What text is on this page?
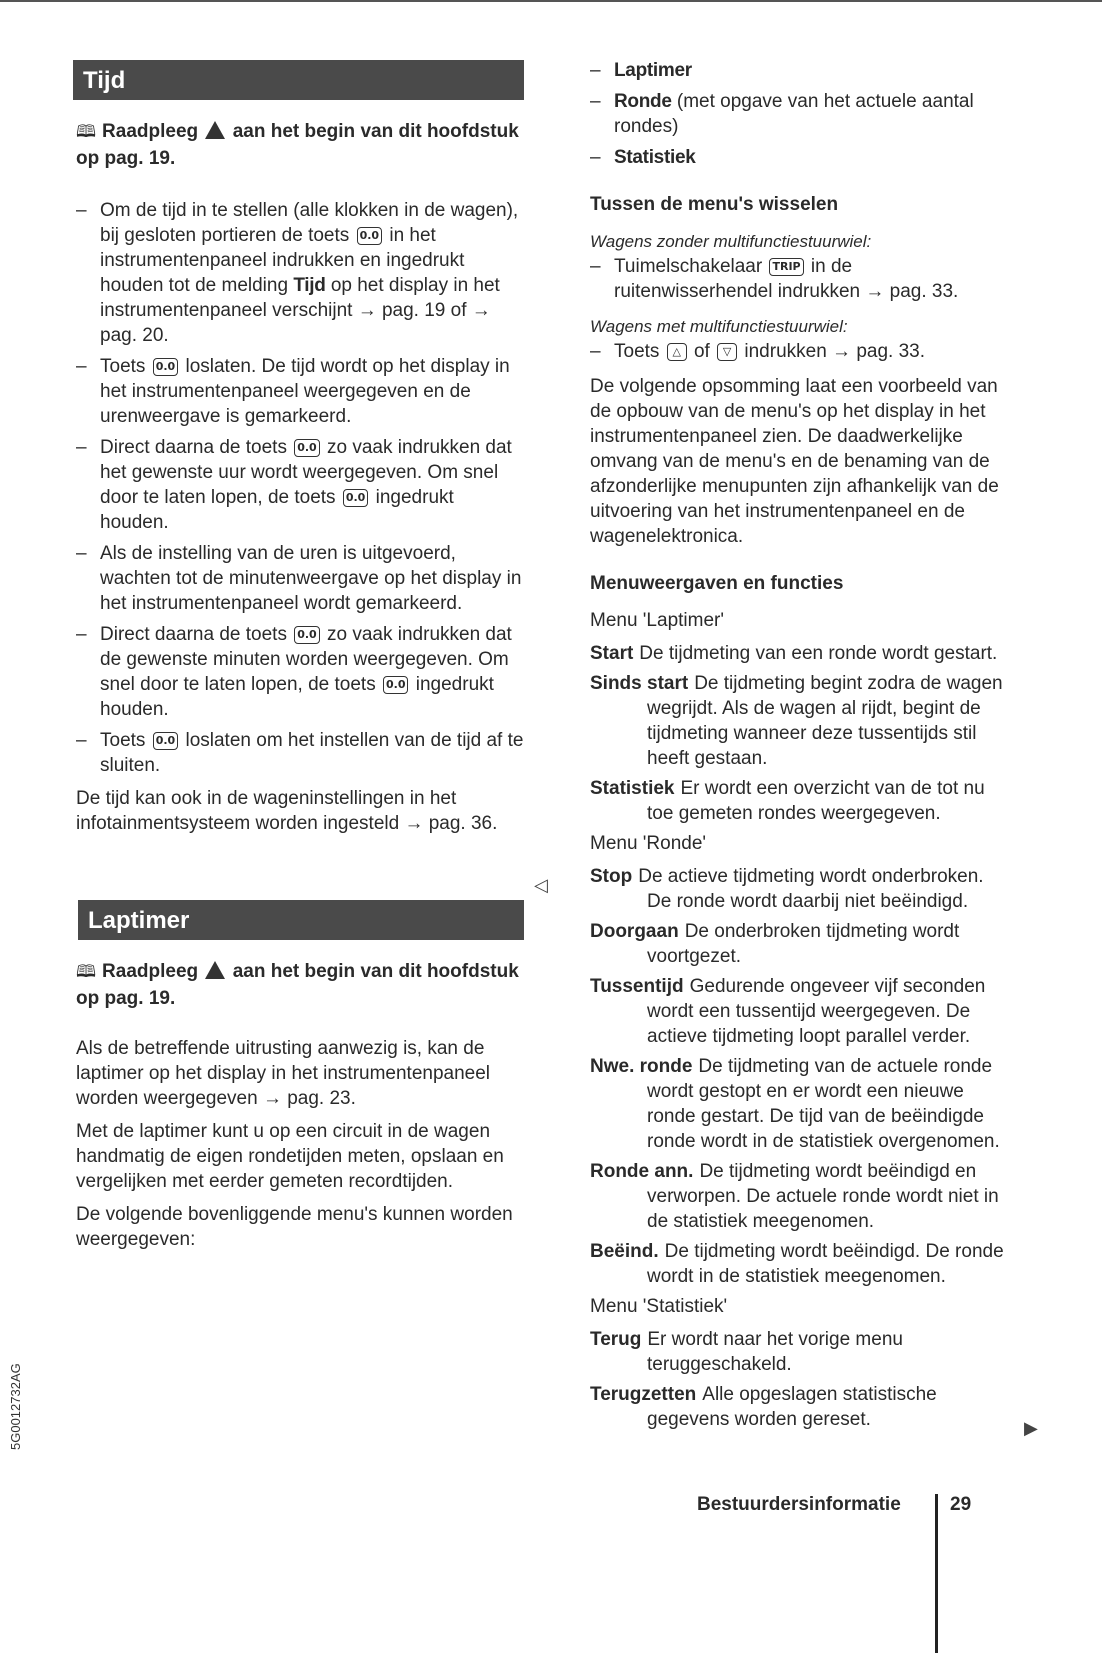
Tijd
🕮 Raadpleeg  aan het begin van dit hoofdstuk op pag. 19.
– Om de tijd in te stellen (alle klokken in de wagen), bij gesloten portieren de toets 0.0 in het instrumentenpaneel indrukken en ingedrukt houden tot de melding Tijd op het display in het instrumentenpaneel verschijnt → pag. 19 of → pag. 20.
– Toets 0.0 loslaten. De tijd wordt op het display in het instrumentenpaneel weergegeven en de urenweergave is gemarkeerd.
– Direct daarna de toets 0.0 zo vaak indrukken dat het gewenste uur wordt weergegeven. Om snel door te laten lopen, de toets 0.0 ingedrukt houden.
– Als de instelling van de uren is uitgevoerd, wachten tot de minutenweergave op het display in het instrumentenpaneel wordt gemarkeerd.
– Direct daarna de toets 0.0 zo vaak indrukken dat de gewenste minuten worden weergegeven. Om snel door te laten lopen, de toets 0.0 ingedrukt houden.
– Toets 0.0 loslaten om het instellen van de tijd af te sluiten.

De tijd kan ook in de wageninstellingen in het infotainmentsysteem worden ingesteld → pag. 36.

Laptimer
🕮 Raadpleeg  aan het begin van dit hoofdstuk op pag. 19.

Als de betreffende uitrusting aanwezig is, kan de laptimer op het display in het instrumentenpaneel worden weergegeven → pag. 23.

Met de laptimer kunt u op een circuit in de wagen handmatig de eigen rondetijden meten, opslaan en vergelijken met eerder gemeten recordtijden.

De volgende bovenliggende menu's kunnen worden weergegeven:

– Laptimer
– Ronde (met opgave van het actuele aantal rondes)
– Statistiek
Tussen de menu's wisselen

Wagens zonder multifunctiestuurwiel:

– Tuimelschakelaar TRIP in de ruitenwisserhendel indrukken → pag. 33.

Wagens met multifunctiestuurwiel:

– Toets △ of ▽ indrukken → pag. 33.

De volgende opsomming laat een voorbeeld van de opbouw van de menu's op het display in het instrumentenpaneel zien. De daadwerkelijke omvang van de menu's en de benaming van de afzonderlijke menupunten zijn afhankelijk van de uitvoering van het instrumentenpaneel en de wagenelektronica.

Menuweergaven en functies

Menu 'Laptimer'

Start De tijdmeting van een ronde wordt gestart.
Sinds start De tijdmeting begint zodra de wagen wegrijdt. Als de wagen al rijdt, begint de tijdmeting wanneer deze tussentijds stil heeft gestaan.
Statistiek Er wordt een overzicht van de tot nu toe gemeten rondes weergegeven.

Menu 'Ronde'

Stop De actieve tijdmeting wordt onderbroken. De ronde wordt daarbij niet beëindigd.
Doorgaan De onderbroken tijdmeting wordt voortgezet.
Tussentijd Gedurende ongeveer vijf seconden wordt een tussentijd weergegeven. De actieve tijdmeting loopt parallel verder.
Nwe. ronde De tijdmeting van de actuele ronde wordt gestopt en er wordt een nieuwe ronde gestart. De tijd van de beëindigde ronde wordt in de statistiek overgenomen.
Ronde ann. De tijdmeting wordt beëindigd en verworpen. De actuele ronde wordt niet in de statistiek meegenomen.
Beëind. De tijdmeting wordt beëindigd. De ronde wordt in de statistiek meegenomen.

Menu 'Statistiek'

Terug Er wordt naar het vorige menu teruggeschakeld.
Terugzetten Alle opgeslagen statistische gegevens worden gereset.
◁
▶
5G0012732AG
Bestuurdersinformatie	29
